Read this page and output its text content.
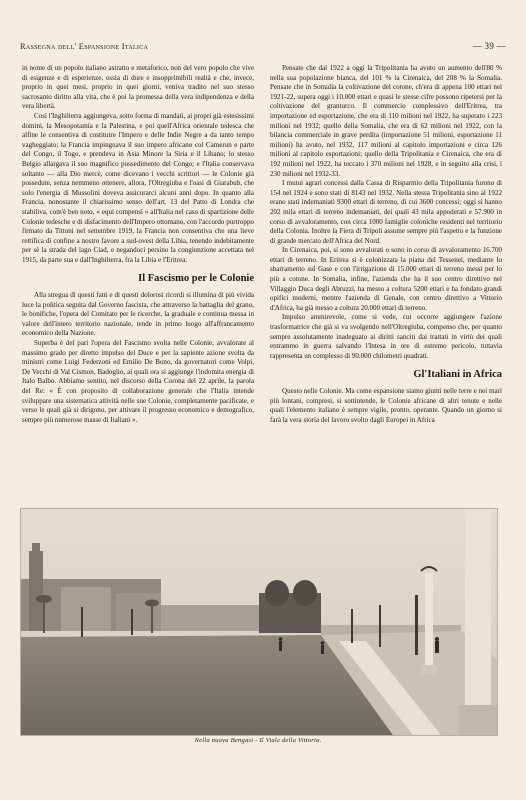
Rassegna dell' Espansione Italica	— 39 —

in nome di un popolo italiano astratto e metaforico, non del vero popolo che vive di esigenze e di esperienze, ossia di dure e insopprimibili realtà e che, invece, proprio in quei mesi, proprio in quei giorni, veniva tradito nel suo stesso sacrosanto diritto alla vita, che è poi la promessa della vera indipendenza e della vera libertà.

Così l'Inghilterra aggiungeva, sotto forma di mandati, ai propri già estesissimi domini, la Mesopotamia e la Palestina, e poi quell'Africa orientale tedesca che alfine le consentiva di costituire l'Impero e delle Indie Negre a da tanto tempo vagheggiato; la Francia impinguava il suo impero africano col Camerun e parte del Congo, il Togo, e prendeva in Asia Minore la Siria e il Libano; lo stesso Belgio allargava il suo magnifico possedimento del Congo; e l'Italia conservava soltanto — alla Dio mercè, come dicevano i vecchi scrittori — le Colonie già possedute, senza nemmeno ottenere, allora, l'Oltregiuba e l'oasi di Giarabub, che solo l'energia di Mussolini doveva assicurarci alcuni anni dopo. In quanto alla Francia, nonostante il chiarissimo senso dell'art. 13 del Patto di Londra che stabiliva, com'è ben noto, « equi compensi » all'Italia nel caso di spartizione delle Colonie tedesche e di disfacimento dell'Impero ottomano, con l'accordo purtroppo firmato da Tittoni nel settembre 1919, la Francia non consentiva che una lieve rettifica di confine a nostro favore a sud-ovest della Libia, tenendo indebitamente per sè la strada del lago Ciad, e negandoci persino la congiunzione accettata nel 1915, da parte sua e dall'Inghilterra, fra la Libia e l'Eritrea.

Il Fascismo per le Colonie

Alla stregua di questi fatti e di questi dolorosi ricordi si illumina di più vivida luce la politica seguita dal Governo fascista, che attraverso la battaglia del grano, le bonifiche, l'opera del Comitato per le ricerche, la graduale e continua messa in valore dell'intero territorio nazionale, tende in primo luogo all'affrancamento economico della Nazione.

Superba è del pari l'opera del Fascismo svolta nelle Colonie, avvalorate al massimo grado per diretto impulso del Duce e per la sapiente azione svolta da ministri come Luigi Federzoni ed Emilio De Bono, da governatori come Volpi, De Vecchi di Val Cismon, Badoglio, ai quali ora si aggiunge l'indomita energia di Italo Balbo. Abbiamo sentito, nel discorso della Corona del 22 aprile, la parola del Re: « È con proposito di collaborazione generale che l'Italia intende sviluppare una sistematica attività nelle sue Colonie, completamente pacificate, e verso le quali già si dirigono, per attivare il progresso economico e demografico, sempre più numerose masse di Italiani ».

Pensate che dal 1922 a oggi la Tripolitania ha avuto un aumento dell'80 % nella sua popolazione bianca, del 101 % la Cirenaica, del 208 % la Somalia. Pensate che in Somalia la coltivazione del cotone, ch'era di appena 100 ettari nel 1921-22, supera oggi i 10.000 ettari e quasi le stesse cifre possono ripetersi per la coltivazione del granturco. Il commercio complessivo dell'Eritrea, tra importazione ed esportazione, che era di 110 milioni nel 1922, ha superato i 223 milioni nel 1932; quello della Somalia, che era di 62 milioni nel 1922, con la bilancia commerciale in grave perdita (importazione 51 milioni, esportazione 11 milioni) ha avuto, nel 1932, 117 milioni al capitolo importazioni e circa 126 milioni al capitolo esportazioni; quello della Tripolitania e Cirenaica, che era di 192 milioni nel 1922, ha toccato i 370 milioni nel 1928, e in seguito alla crisi, i 230 milioni nel 1932-33.

I mutui agrari concessi dalla Cassa di Risparmio della Tripolitania furono di 154 nel 1924 e sono stati di 8143 nel 1932. Nella stessa Tripolitania sino al 1922 erano stati indemaniati 9300 ettari di terreno, di cui 3600 concessi; oggi si hanno 202 mila ettari di terreno indemaniati, dei quali 43 mila appoderati e 57.900 in corso di avvaloramento, con circa 1000 famiglie coloniche residenti nel territorio della Colonia. Inoltre la Fiera di Tripoli assume sempre più l'aspetto e la funzione di grande mercato dell'Africa del Nord.

In Cirenaica, poi, si sono avvalorati o sono in corso di avvaloramento 16.700 ettari di terreno. In Eritrea si è colonizzata la piana del Tesseneì, mediante lo sbarramento sul Gase e con l'irrigazione di 15.000 ettari di terreno messi per lo più a cotone. In Somalia, infine, l'azienda che ha il suo centro direttivo nel Villaggio Duca degli Abruzzi, ha messo a coltura 5200 ettari e ha fondato grandi opifici moderni, mentre l'azienda di Genale, con centro direttivo a Vittorio d'Africa, ha già messo a coltura 20.000 ettari di terreno.

Impulso ammirevole, come si vede, cui occorre aggiungere l'azione trasformatrice che già si va svolgendo nell'Oltregiuba, compenso che, per quanto sempre assolutamente inadeguato ai diritti sanciti dai trattati in virtù dei quali entrammo in guerra salvando l'Intesa in ore di estremo pericolo, tuttavia rappresenta un complesso di 90.000 chilometri quadrati.

Gl'Italiani in Africa

Questo nelle Colonie. Ma come espansione siamo giunti nelle terre e nei mari più lontani, compresi, si sottintende, le Colonie africane di altri tenute e nelle quali l'elemento italiano è sempre vigile, pronto, operante. Quando un giorno si farà la vera storia del lavoro svolto dagli Europei in Africa

Nella nuova Bengasi - Il Viale della Vittoria.
